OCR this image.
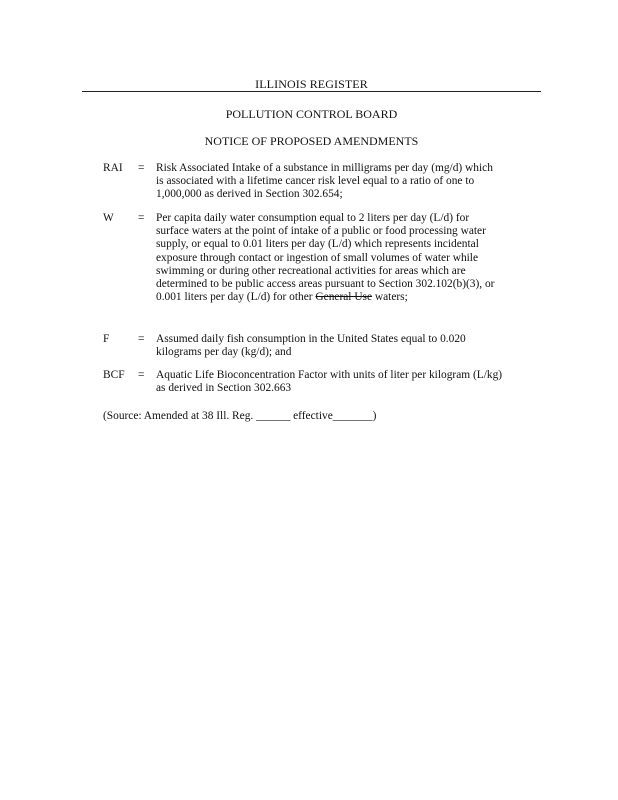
ILLINOIS REGISTER
POLLUTION CONTROL BOARD
NOTICE OF PROPOSED AMENDMENTS
RAI = Risk Associated Intake of a substance in milligrams per day (mg/d) which is associated with a lifetime cancer risk level equal to a ratio of one to 1,000,000 as derived in Section 302.654;
W = Per capita daily water consumption equal to 2 liters per day (L/d) for surface waters at the point of intake of a public or food processing water supply, or equal to 0.01 liters per day (L/d) which represents incidental exposure through contact or ingestion of small volumes of water while swimming or during other recreational activities for areas which are determined to be public access areas pursuant to Section 302.102(b)(3), or 0.001 liters per day (L/d) for other General Use waters;
F	= Assumed daily fish consumption in the United States equal to 0.020 kilograms per day (kg/d); and
BCF = Aquatic Life Bioconcentration Factor with units of liter per kilogram (L/kg) as derived in Section 302.663
(Source: Amended at 38 Ill. Reg. ______ effective_______)
